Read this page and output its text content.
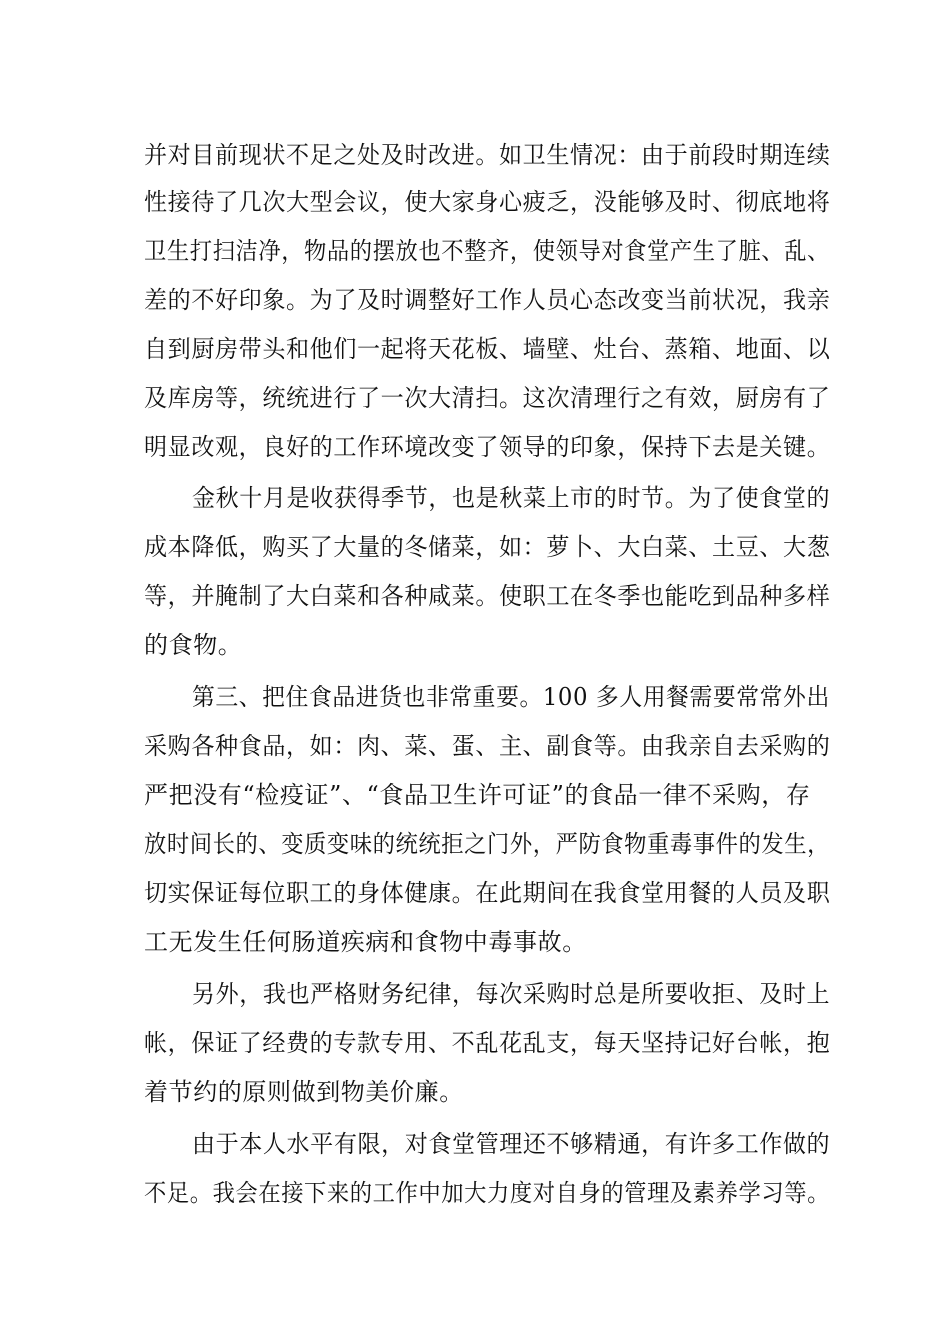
并对目前现状不足之处及时改进。如卫生情况：由于前段时期连续

性接待了几次大型会议，使大家身心疲乏，没能够及时、彻底地将

卫生打扫洁净，物品的摆放也不整齐，使领导对食堂产生了脏、乱、

差的不好印象。为了及时调整好工作人员心态改变当前状况，我亲

自到厨房带头和他们一起将天花板、墙壁、灶台、蒸箱、地面、以

及库房等，统统进行了一次大清扫。这次清理行之有效，厨房有了

明显改观，良好的工作环境改变了领导的印象，保持下去是关键。

金秋十月是收获得季节，也是秋菜上市的时节。为了使食堂的

成本降低，购买了大量的冬储菜，如：萝卜、大白菜、土豆、大葱

等，并腌制了大白菜和各种咸菜。使职工在冬季也能吃到品种多样

的食物。

第三、把住食品进货也非常重要。100 多人用餐需要常常外出

采购各种食品，如：肉、菜、蛋、主、副食等。由我亲自去采购的

严把没有“检疫证”、“食品卫生许可证”的食品一律不采购，存

放时间长的、变质变味的统统拒之门外，严防食物重毒事件的发生，

切实保证每位职工的身体健康。在此期间在我食堂用餐的人员及职

工无发生任何肠道疾病和食物中毒事故。

另外，我也严格财务纪律，每次采购时总是所要收拒、及时上

帐，保证了经费的专款专用、不乱花乱支，每天坚持记好台帐，抱

着节约的原则做到物美价廉。

由于本人水平有限，对食堂管理还不够精通，有许多工作做的

不足。我会在接下来的工作中加大力度对自身的管理及素养学习等。
